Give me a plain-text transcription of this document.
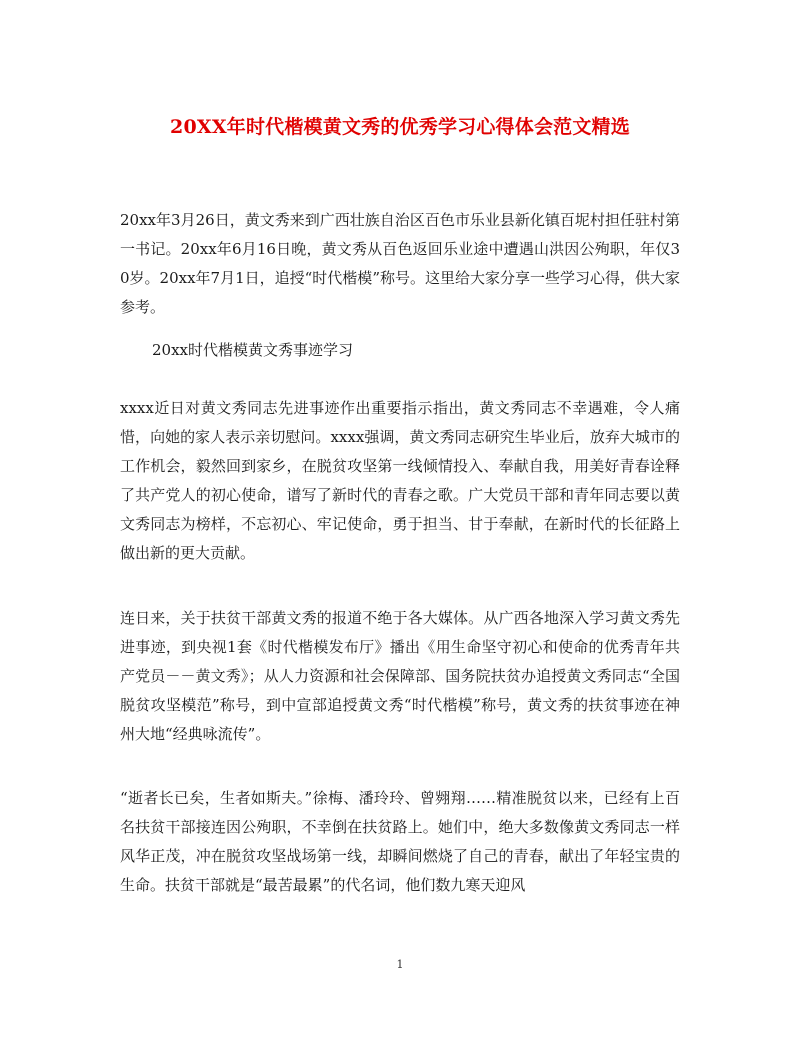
20XX年时代楷模黄文秀的优秀学习心得体会范文精选

20xx年3月26日，黄文秀来到广西壮族自治区百色市乐业县新化镇百坭村担任驻村第一书记。20xx年6月16日晚，黄文秀从百色返回乐业途中遭遇山洪因公殉职，年仅30岁。20xx年7月1日，追授“时代楷模”称号。这里给大家分享一些学习心得，供大家参考。

20xx时代楷模黄文秀事迹学习

xxxx近日对黄文秀同志先进事迹作出重要指示指出，黄文秀同志不幸遇难，令人痛惜，向她的家人表示亲切慰问。xxxx强调，黄文秀同志研究生毕业后，放弃大城市的工作机会，毅然回到家乡，在脱贫攻坚第一线倾情投入、奉献自我，用美好青春诠释了共产党人的初心使命，谱写了新时代的青春之歌。广大党员干部和青年同志要以黄文秀同志为榜样，不忘初心、牢记使命，勇于担当、甘于奉献，在新时代的长征路上做出新的更大贡献。

连日来，关于扶贫干部黄文秀的报道不绝于各大媒体。从广西各地深入学习黄文秀先进事迹，到央视1套《时代楷模发布厅》播出《用生命坚守初心和使命的优秀青年共产党员－－黄文秀》；从人力资源和社会保障部、国务院扶贫办追授黄文秀同志“全国脱贫攻坚模范”称号，到中宣部追授黄文秀“时代楷模”称号，黄文秀的扶贫事迹在神州大地“经典咏流传”。

“逝者长已矣，生者如斯夫。”徐梅、潘玲玲、曾翙翔……精准脱贫以来，已经有上百名扶贫干部接连因公殉职，不幸倒在扶贫路上。她们中，绝大多数像黄文秀同志一样风华正茂，冲在脱贫攻坚战场第一线，却瞬间燃烧了自己的青春，献出了年轻宝贵的生命。扶贫干部就是“最苦最累”的代名词，他们数九寒天迎风

1
